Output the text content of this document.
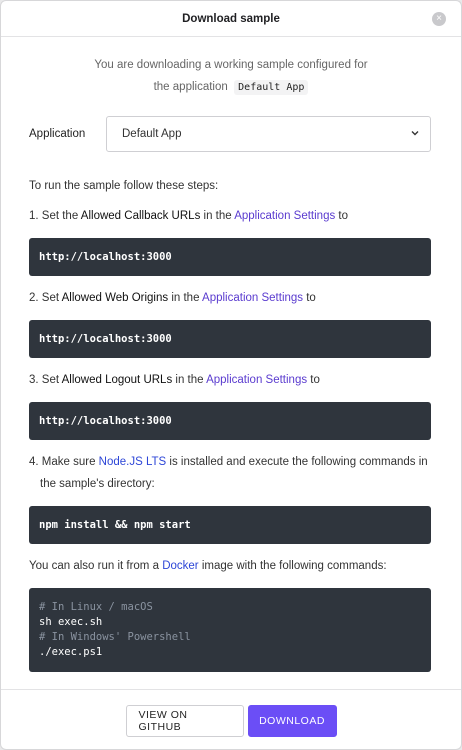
Download sample	×
You are downloading a working sample configured for
the application Default App
Application	Default App
To run the sample follow these steps:
1. Set the Allowed Callback URLs in the Application Settings to
http://localhost:3000
2. Set Allowed Web Origins in the Application Settings to
http://localhost:3000
3. Set Allowed Logout URLs in the Application Settings to
http://localhost:3000
4. Make sure Node.JS LTS is installed and execute the following commands in
the sample's directory:
npm install && npm start
You can also run it from a Docker image with the following commands:
# In Linux / macOS
sh exec.sh
# In Windows' Powershell
./exec.ps1
VIEW ON GITHUB	DOWNLOAD
